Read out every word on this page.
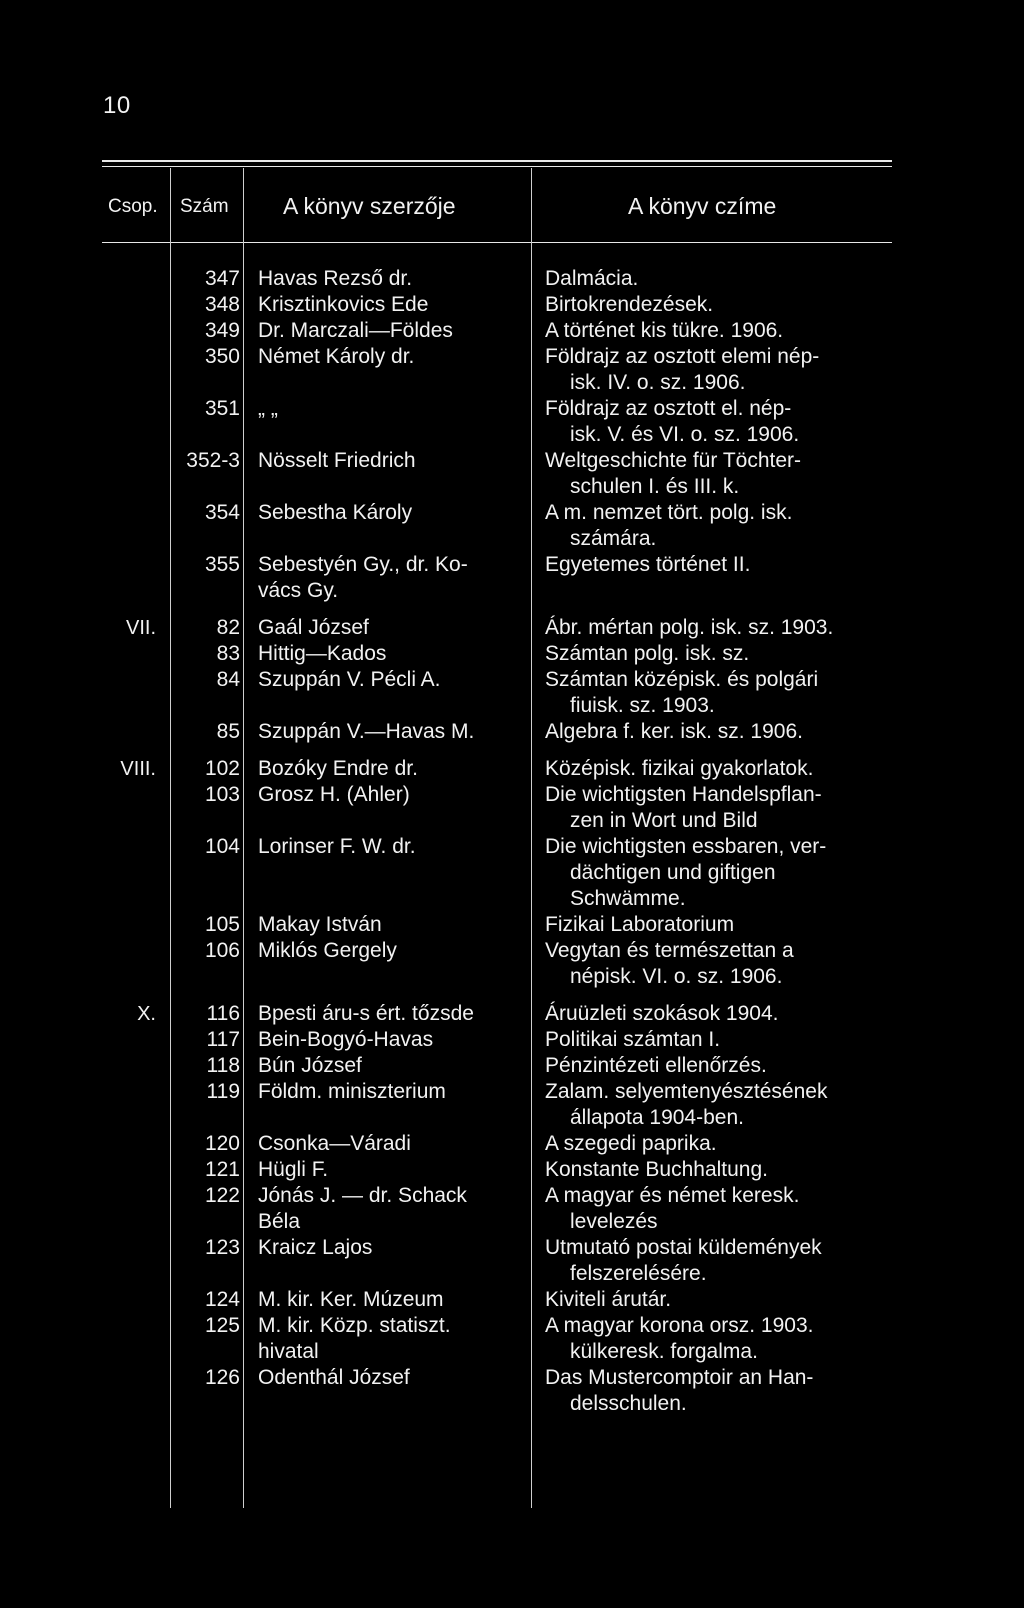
10
Csop. Szám A könyv szerzője	A könyv czíme
347 Havas Rezső dr.	Dalmácia.
348 Krisztinkovics Ede	Birtokrendezések.
349 Dr. Marczali—Földes	A történet kis tükre. 1906.
350 Német Károly dr.	Földrajz az osztott elemi nép-
isk. IV. o. sz. 1906.
351 „ „	Földrajz az osztott el. nép-
isk. V. és VI. o. sz. 1906.
352-3 Nösselt Friedrich	Weltgeschichte für Töchter-
schulen I. és III. k.
354 Sebestha Károly	A m. nemzet tört. polg. isk.
számára.
355 Sebestyén Gy., dr. Ko-	Egyetemes történet II.
vács Gy.
VII.	82 Gaál József	Ábr. mértan polg. isk. sz. 1903.
83 Hittig—Kados	Számtan polg. isk. sz.
84 Szuppán V. Pécli A.	Számtan középisk. és polgári
fiuisk. sz. 1903.
85 Szuppán V.—Havas M.	Algebra f. ker. isk. sz. 1906.
VIII.	102 Bozóky Endre dr.	Középisk. fizikai gyakorlatok.
103 Grosz H. (Ahler)	Die wichtigsten Handelspflan-
zen in Wort und Bild
104 Lorinser F. W. dr.	Die wichtigsten essbaren, ver-
dächtigen und giftigen
Schwämme.
105 Makay István	Fizikai Laboratorium
106 Miklós Gergely	Vegytan és természettan a
népisk. VI. o. sz. 1906.
X.	116 Bpesti áru-s ért. tőzsde	Áruüzleti szokások 1904.
117 Bein-Bogyó-Havas	Politikai számtan I.
118 Bún József	Pénzintézeti ellenőrzés.
119 Földm. miniszterium	Zalam. selyemtenyésztésének
állapota 1904-ben.
120 Csonka—Váradi	A szegedi paprika.
121 Hügli F.	Konstante Buchhaltung.
122 Jónás J. — dr. Schack	A magyar és német keresk.
Béla	levelezés
123 Kraicz Lajos	Utmutató postai küldemények
felszerelésére.
124 M. kir. Ker. Múzeum	Kiviteli árutár.
125 M. kir. Közp. statiszt.	A magyar korona orsz. 1903.
hivatal	külkeresk. forgalma.
126 Odenthál József	Das Mustercomptoir an Han-
delsschulen.
